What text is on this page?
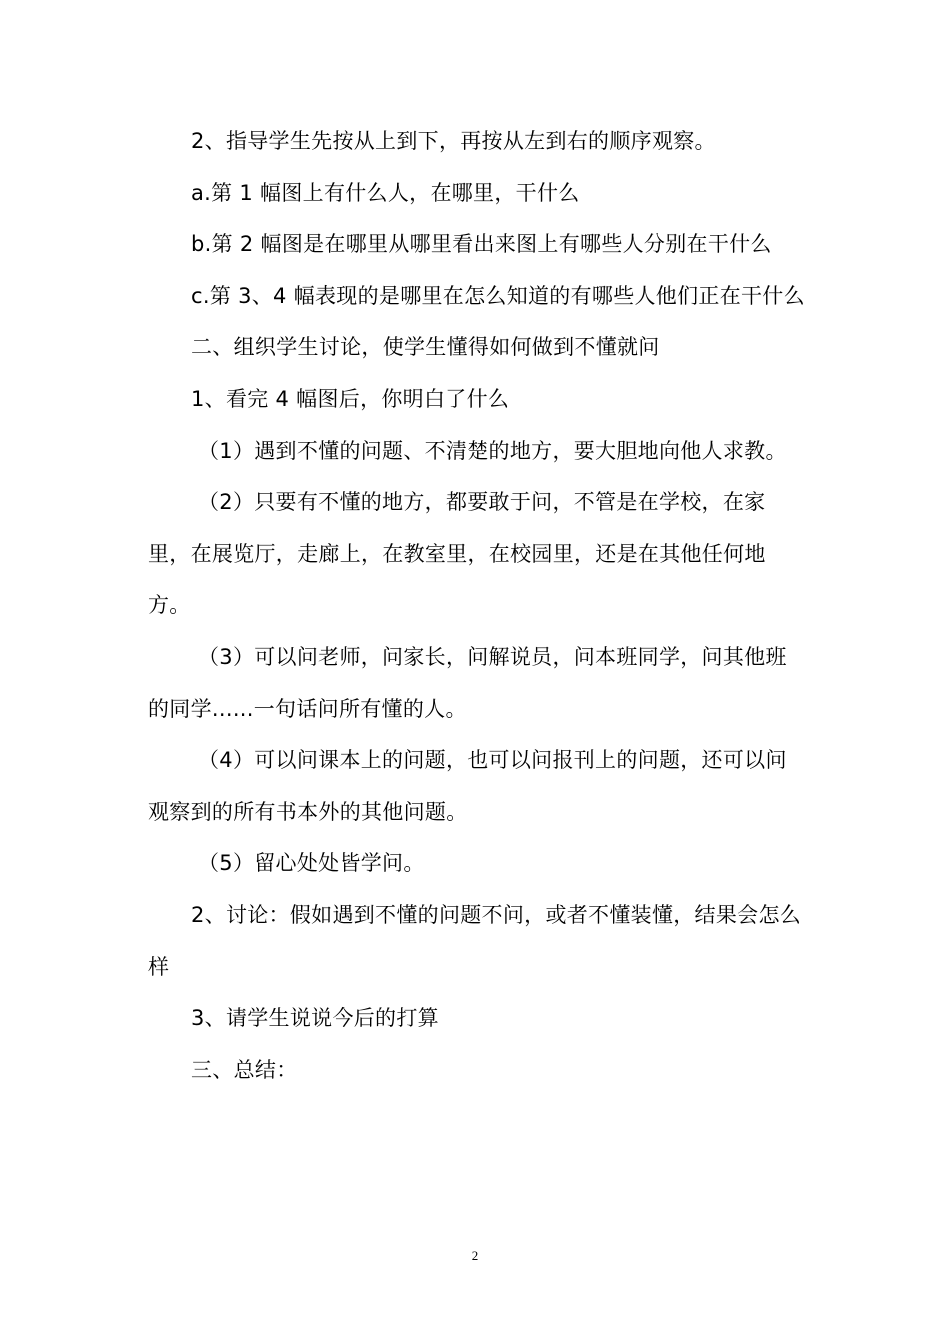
2、指导学生先按从上到下，再按从左到右的顺序观察。

a.第 1 幅图上有什么人，在哪里，干什么

b.第 2 幅图是在哪里从哪里看出来图上有哪些人分别在干什么

c.第 3、4 幅表现的是哪里在怎么知道的有哪些人他们正在干什么

二、组织学生讨论，使学生懂得如何做到不懂就问

1、看完 4 幅图后，你明白了什么

（1）遇到不懂的问题、不清楚的地方，要大胆地向他人求教。

（2）只要有不懂的地方，都要敢于问，不管是在学校，在家里，在展览厅，走廊上，在教室里，在校园里，还是在其他任何地方。

（3）可以问老师，问家长，问解说员，问本班同学，问其他班的同学......一句话问所有懂的人。

（4）可以问课本上的问题，也可以问报刊上的问题，还可以问观察到的所有书本外的其他问题。

（5）留心处处皆学问。

2、讨论：假如遇到不懂的问题不问，或者不懂装懂，结果会怎么样

3、请学生说说今后的打算

三、总结：

2
